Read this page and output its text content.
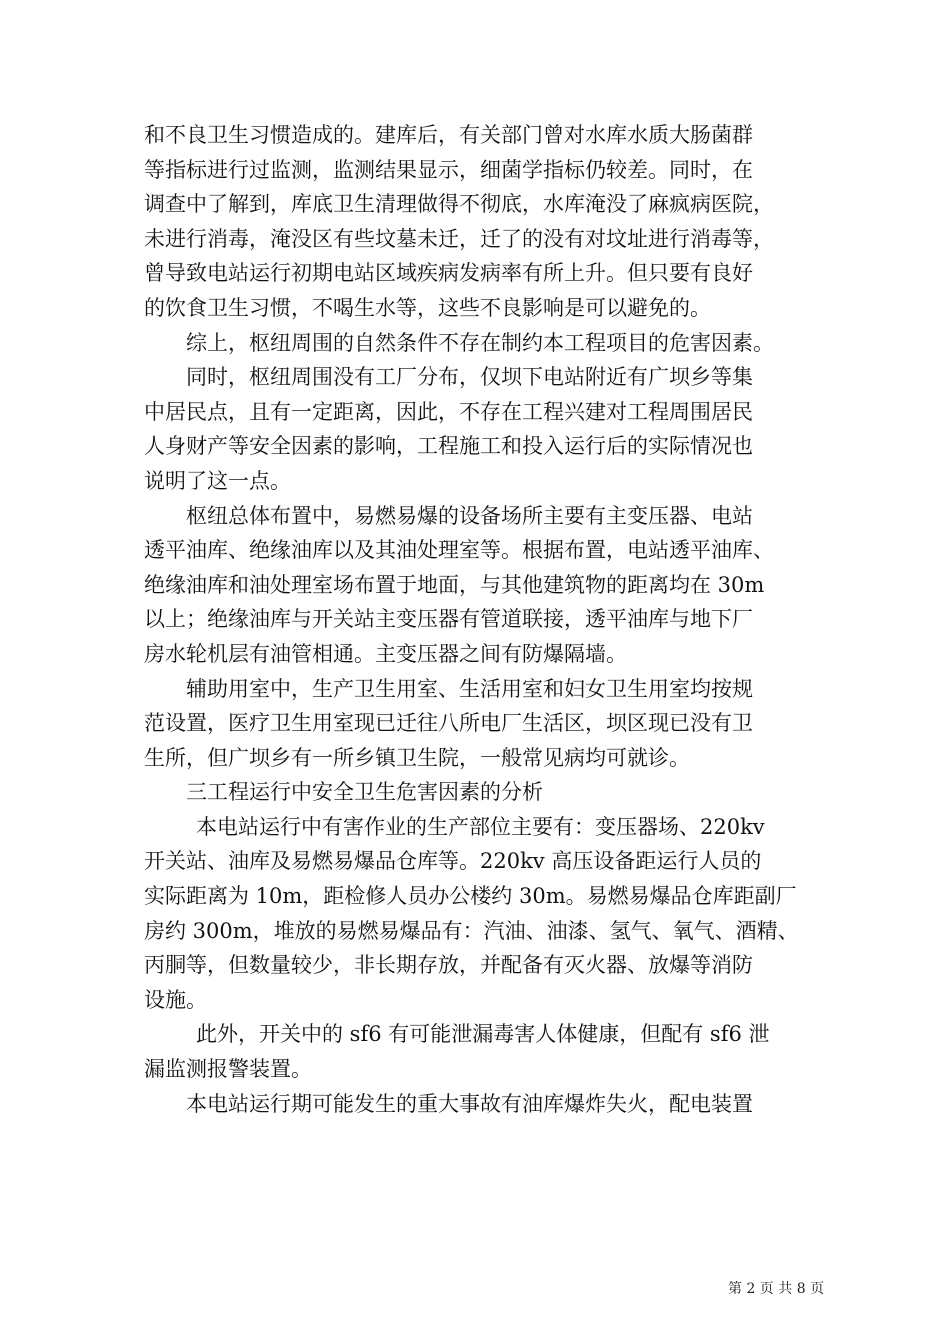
和不良卫生习惯造成的。建库后，有关部门曾对水库水质大肠菌群
等指标进行过监测，监测结果显示，细菌学指标仍较差。同时，在
调查中了解到，库底卫生清理做得不彻底，水库淹没了麻疯病医院，
未进行消毒，淹没区有些坟墓未迁，迁了的没有对坟址进行消毒等，
曾导致电站运行初期电站区域疾病发病率有所上升。但只要有良好
的饮食卫生习惯，不喝生水等，这些不良影响是可以避免的。
综上，枢纽周围的自然条件不存在制约本工程项目的危害因素。
同时，枢纽周围没有工厂分布，仅坝下电站附近有广坝乡等集
中居民点，且有一定距离，因此，不存在工程兴建对工程周围居民
人身财产等安全因素的影响，工程施工和投入运行后的实际情况也
说明了这一点。
枢纽总体布置中，易燃易爆的设备场所主要有主变压器、电站
透平油库、绝缘油库以及其油处理室等。根据布置，电站透平油库、
绝缘油库和油处理室场布置于地面，与其他建筑物的距离均在 30m
以上；绝缘油库与开关站主变压器有管道联接，透平油库与地下厂
房水轮机层有油管相通。主变压器之间有防爆隔墙。
辅助用室中，生产卫生用室、生活用室和妇女卫生用室均按规
范设置，医疗卫生用室现已迁往八所电厂生活区，坝区现已没有卫
生所，但广坝乡有一所乡镇卫生院，一般常见病均可就诊。
三工程运行中安全卫生危害因素的分析
本电站运行中有害作业的生产部位主要有：变压器场、220kv
开关站、油库及易燃易爆品仓库等。220kv 高压设备距运行人员的
实际距离为 10m，距检修人员办公楼约 30m。易燃易爆品仓库距副厂
房约 300m，堆放的易燃易爆品有：汽油、油漆、氢气、氧气、酒精、
丙胴等，但数量较少，非长期存放，并配备有灭火器、放爆等消防
设施。
此外，开关中的 sf6 有可能泄漏毒害人体健康，但配有 sf6 泄
漏监测报警装置。
本电站运行期可能发生的重大事故有油库爆炸失火，配电装置
第 2 页 共 8 页
